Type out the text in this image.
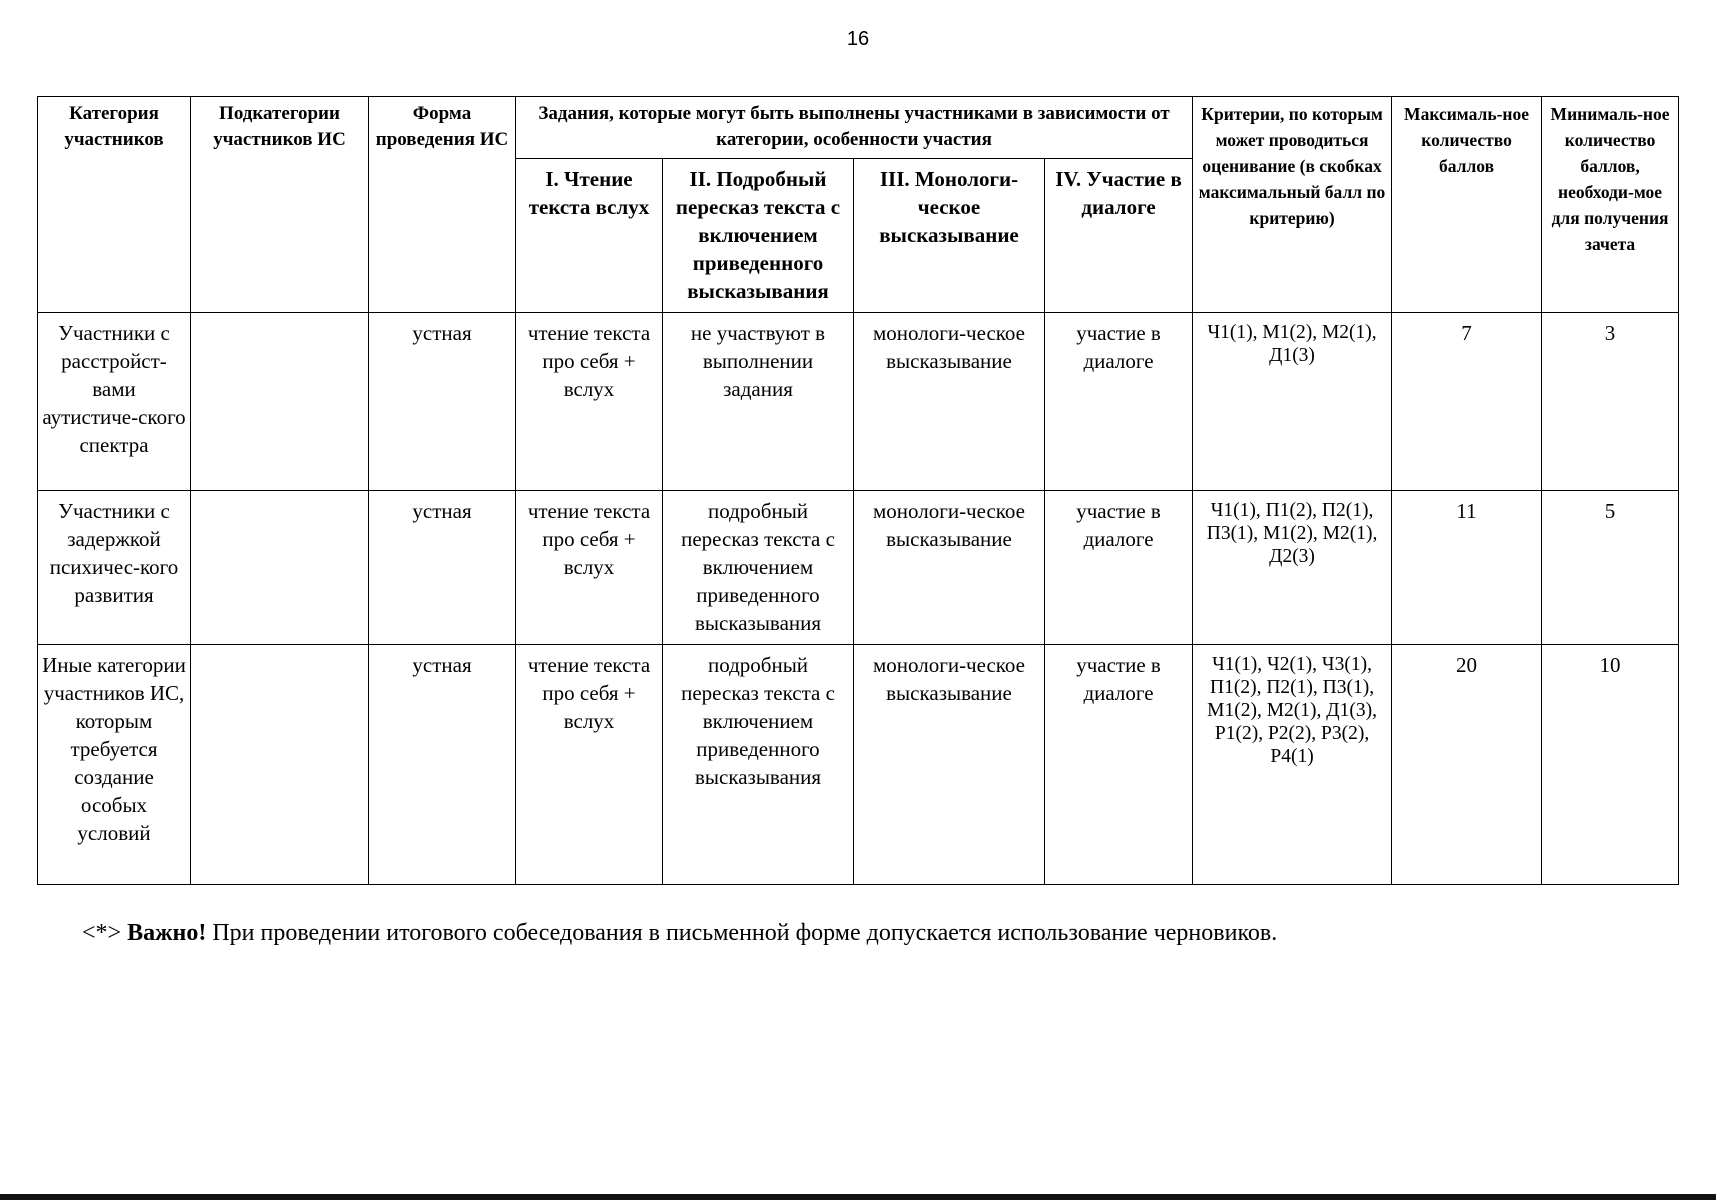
16
Категория участников	Подкатегории участников ИС	Форма проведения ИС	Задания, которые могут быть выполнены участниками в зависимости от категории, особенности участия				Критерии, по которым может проводиться оценивание (в скобках максимальный балл по критерию)	Максималь-ное количество баллов	Минималь-ное количество баллов, необходи-мое для получения зачета
			I. Чтение текста вслух	II. Подробный пересказ текста с включением приведенного высказывания	III. Монологи-ческое высказывание	IV. Участие в диалоге			
Участники с расстройст-вами аутистиче-ского спектра		устная	чтение текста про себя + вслух	не участвуют в выполнении задания	монологи-ческое высказывание	участие в диалоге	Ч1(1), М1(2), М2(1), Д1(3)	7	3
Участники с задержкой психичес-кого развития		устная	чтение текста про себя + вслух	подробный пересказ текста с включением приведенного высказывания	монологи-ческое высказывание	участие в диалоге	Ч1(1), П1(2), П2(1), П3(1), М1(2), М2(1), Д2(3)	11	5
Иные категории участников ИС, которым требуется создание особых условий		устная	чтение текста про себя + вслух	подробный пересказ текста с включением приведенного высказывания	монологи-ческое высказывание	участие в диалоге	Ч1(1), Ч2(1), Ч3(1), П1(2), П2(1), П3(1), М1(2), М2(1), Д1(3), Р1(2), Р2(2), Р3(2), Р4(1)	20	10
<*> Важно! При проведении итогового собеседования в письменной форме допускается использование черновиков.
